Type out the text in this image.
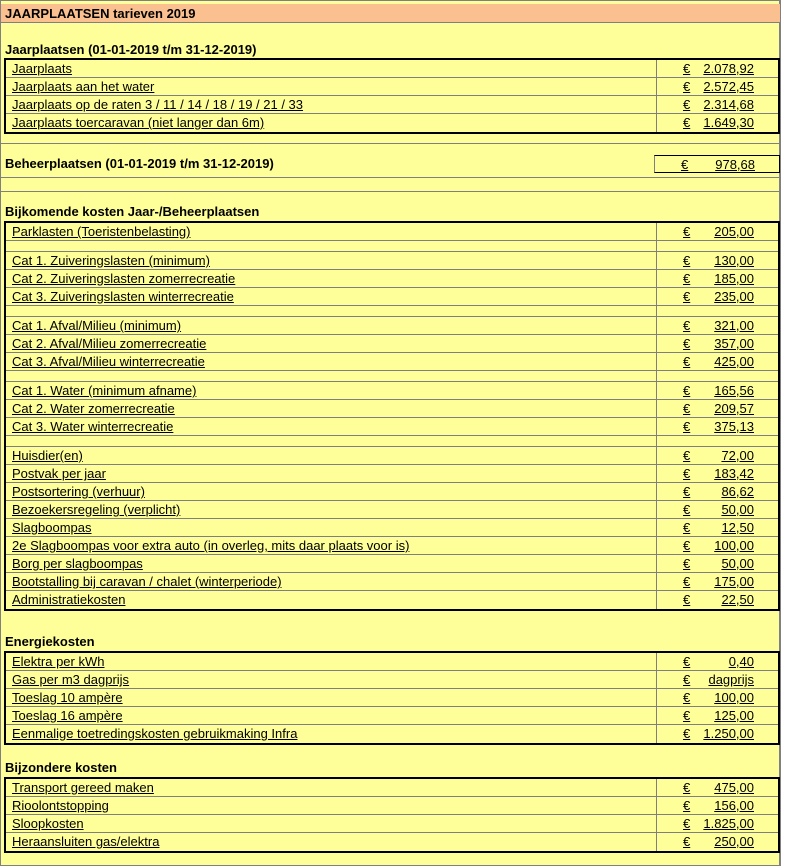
JAARPLAATSEN tarieven 2019
Jaarplaatsen (01-01-2019 t/m 31-12-2019)
Jaarplaats	€ 2.078,92
Jaarplaats aan het water	€ 2.572,45
Jaarplaats op de raten 3 / 11 / 14 / 18 / 19 / 21 / 33	€ 2.314,68
Jaarplaats toercaravan (niet langer dan 6m)	€ 1.649,30
Beheerplaatsen (01-01-2019 t/m 31-12-2019)	€ 978,68
Bijkomende kosten Jaar-/Beheerplaatsen
Parklasten (Toeristenbelasting)	€ 205,00
Cat 1. Zuiveringslasten (minimum)	€ 130,00
Cat 2. Zuiveringslasten zomerrecreatie	€ 185,00
Cat 3. Zuiveringslasten winterrecreatie	€ 235,00
Cat 1. Afval/Milieu (minimum)	€ 321,00
Cat 2. Afval/Milieu zomerrecreatie	€ 357,00
Cat 3. Afval/Milieu winterrecreatie	€ 425,00
Cat 1. Water (minimum afname)	€ 165,56
Cat 2. Water zomerrecreatie	€ 209,57
Cat 3. Water winterrecreatie	€ 375,13
Huisdier(en)	€ 72,00
Postvak per jaar	€ 183,42
Postsortering (verhuur)	€ 86,62
Bezoekersregeling (verplicht)	€ 50,00
Slagboompas	€ 12,50
2e Slagboompas voor extra auto (in overleg, mits daar plaats voor is)	€ 100,00
Borg per slagboompas	€ 50,00
Bootstalling bij caravan / chalet (winterperiode)	€ 175,00
Administratiekosten	€ 22,50
Energiekosten
Elektra per kWh	€	0,40
Gas per m3 dagprijs	€ dagprijs
Toeslag 10 ampère	€ 100,00
Toeslag 16 ampère	€ 125,00
Eenmalige toetredingskosten gebruikmaking Infra	€ 1.250,00
Bijzondere kosten
Transport gereed maken	€ 475,00
Rioolontstopping	€ 156,00
Sloopkosten	€ 1.825,00
Heraansluiten gas/elektra	€ 250,00
